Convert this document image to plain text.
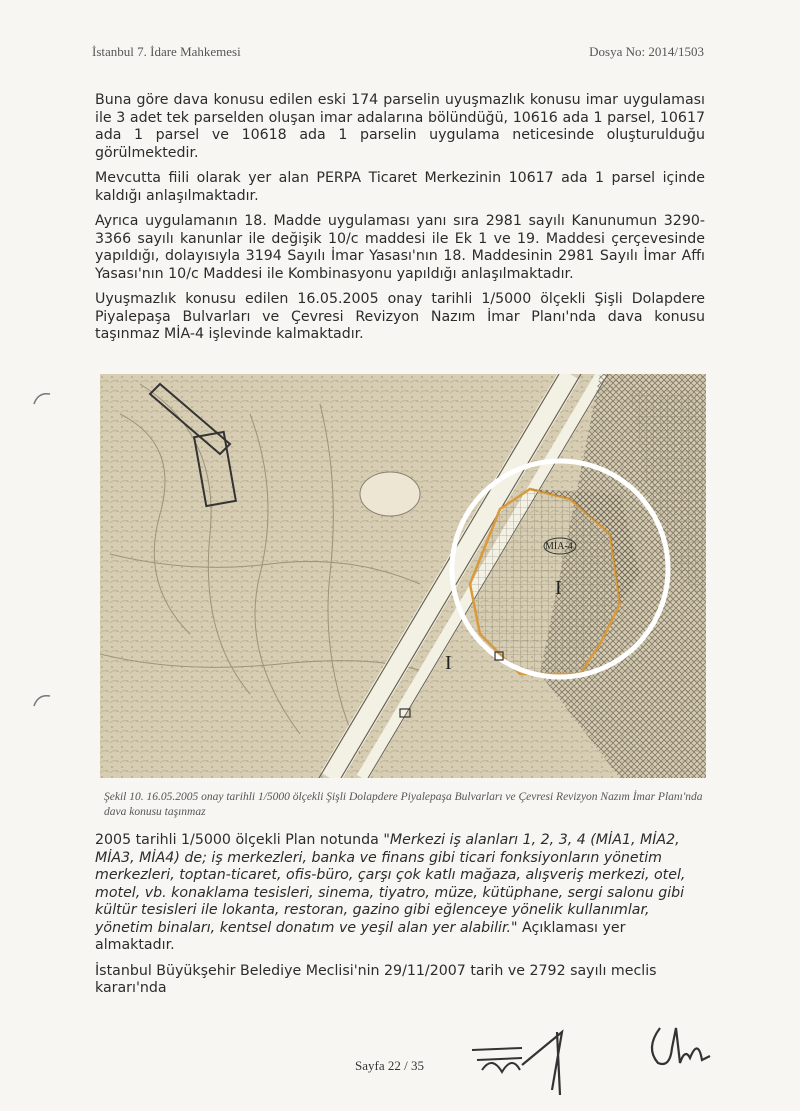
İstanbul 7. İdare Mahkemesi	Dosya No: 2014/1503

Buna göre dava konusu edilen eski 174 parselin uyuşmazlık konusu imar uygulaması ile 3 adet tek parselden oluşan imar adalarına bölündüğü, 10616 ada 1 parsel, 10617 ada 1 parsel ve 10618 ada 1 parselin uygulama neticesinde oluşturulduğu görülmektedir.

Mevcutta fiili olarak yer alan PERPA Ticaret Merkezinin 10617 ada 1 parsel içinde kaldığı anlaşılmaktadır.

Ayrıca uygulamanın 18. Madde uygulaması yanı sıra 2981 sayılı Kanunumun 3290-3366 sayılı kanunlar ile değişik 10/c maddesi ile Ek 1 ve 19. Maddesi çerçevesinde yapıldığı, dolayısıyla 3194 Sayılı İmar Yasası'nın 18. Maddesinin 2981 Sayılı İmar Affı Yasası'nın 10/c Maddesi ile Kombinasyonu yapıldığı anlaşılmaktadır.

Uyuşmazlık konusu edilen 16.05.2005 onay tarihli 1/5000 ölçekli Şişli Dolapdere Piyalepaşa Bulvarları ve Çevresi Revizyon Nazım İmar Planı'nda dava konusu taşınmaz MİA-4 işlevinde kalmaktadır.

MİA-4
I
I
Şekil 10. 16.05.2005 onay tarihli 1/5000 ölçekli Şişli Dolapdere Piyalepaşa Bulvarları ve Çevresi Revizyon Nazım İmar Planı'nda dava konusu taşınmaz
2005 tarihli 1/5000 ölçekli Plan notunda "Merkezi iş alanları 1, 2, 3, 4 (MİA1, MİA2, MİA3, MİA4) de; iş merkezleri, banka ve finans gibi ticari fonksiyonların yönetim merkezleri, toptan-ticaret, ofis-büro, çarşı çok katlı mağaza, alışveriş merkezi, otel, motel, vb. konaklama tesisleri, sinema, tiyatro, müze, kütüphane, sergi salonu gibi kültür tesisleri ile lokanta, restoran, gazino gibi eğlenceye yönelik kullanımlar, yönetim binaları, kentsel donatım ve yeşil alan yer alabilir." Açıklaması yer almaktadır.
İstanbul Büyükşehir Belediye Meclisi'nin 29/11/2007 tarih ve 2792 sayılı meclis kararı'nda
Sayfa 22 / 35
